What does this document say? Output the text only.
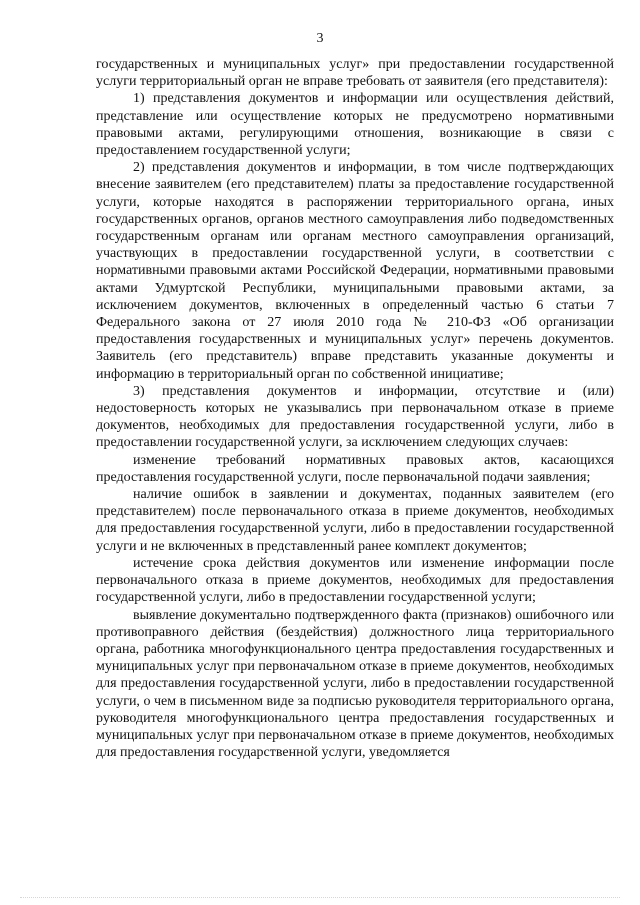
3

государственных и муниципальных услуг» при предоставлении государственной услуги территориальный орган не вправе требовать от заявителя (его представителя):

1) представления документов и информации или осуществления действий, представление или осуществление которых не предусмотрено нормативными правовыми актами, регулирующими отношения, возникающие в связи с предоставлением государственной услуги;

2) представления документов и информации, в том числе подтверждающих внесение заявителем (его представителем) платы за предоставление государственной услуги, которые находятся в распоряжении территориального органа, иных государственных органов, органов местного самоуправления либо подведомственных государственным органам или органам местного самоуправления организаций, участвующих в предоставлении государственной услуги, в соответствии с нормативными правовыми актами Российской Федерации, нормативными правовыми актами Удмуртской Республики, муниципальными правовыми актами, за исключением документов, включенных в определенный частью 6 статьи 7 Федерального закона от 27 июля 2010 года № 210-ФЗ «Об организации предоставления государственных и муниципальных услуг» перечень документов. Заявитель (его представитель) вправе представить указанные документы и информацию в территориальный орган по собственной инициативе;

3) представления документов и информации, отсутствие и (или) недостоверность которых не указывались при первоначальном отказе в приеме документов, необходимых для предоставления государственной услуги, либо в предоставлении государственной услуги, за исключением следующих случаев:

изменение требований нормативных правовых актов, касающихся предоставления государственной услуги, после первоначальной подачи заявления;

наличие ошибок в заявлении и документах, поданных заявителем (его представителем) после первоначального отказа в приеме документов, необходимых для предоставления государственной услуги, либо в предоставлении государственной услуги и не включенных в представленный ранее комплект документов;

истечение срока действия документов или изменение информации после первоначального отказа в приеме документов, необходимых для предоставления государственной услуги, либо в предоставлении государственной услуги;

выявление документально подтвержденного факта (признаков) ошибочного или противоправного действия (бездействия) должностного лица территориального органа, работника многофункционального центра предоставления государственных и муниципальных услуг при первоначальном отказе в приеме документов, необходимых для предоставления государственной услуги, либо в предоставлении государственной услуги, о чем в письменном виде за подписью руководителя территориального органа, руководителя многофункционального центра предоставления государственных и муниципальных услуг при первоначальном отказе в приеме документов, необходимых для предоставления государственной услуги, уведомляется
